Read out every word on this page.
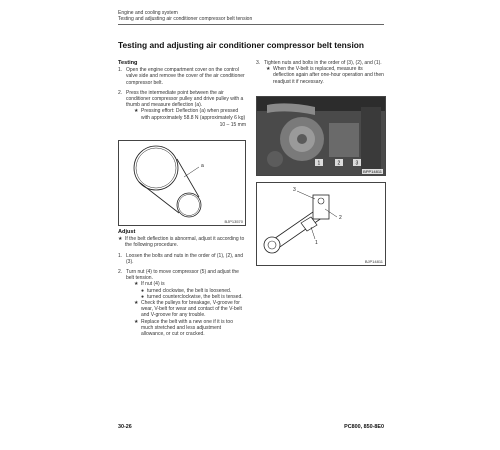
Engine and cooling system
Testing and adjusting air conditioner compressor belt tension
Testing and adjusting air conditioner compressor belt tension
Testing
1. Open the engine compartment cover on the control valve side and remove the cover of the air conditioner compressor belt.
2. Press the intermediate point between the air conditioner compressor pulley and drive pulley with a thumb and measure deflection (a).
★ Pressing effort: Deflection (a) when pressed with approximately 58.8 N (approximately 6 kg)
10 – 15 mm
a
BJP13570
Adjust
★ If the belt deflection is abnormal, adjust it according to the following procedure.
1. Loosen the bolts and nuts in the order of (1), (2), and (3).
2. Turn nut (4) to move compressor (5) and adjust the belt tension.
★ If nut (4) is
● turned clockwise, the belt is loosened.
● turned counterclockwise, the belt is tensed.
★ Check the pulleys for breakage, V-groove for wear, V-belt for wear and contact of the V-belt and V-groove for any trouble.
★ Replace the belt with a new one if it is too much stretched and less adjustment allowance, or cut or cracked.
3. Tighten nuts and bolts in the order of (3), (2), and (1).
★ When the V-belt is replaced, measure its deflection again after one-hour operation and then readjust it if necessary.
1	2	3
BPP14811
3
2
1
BJP14811
30-26	PC800, 850-8E0
